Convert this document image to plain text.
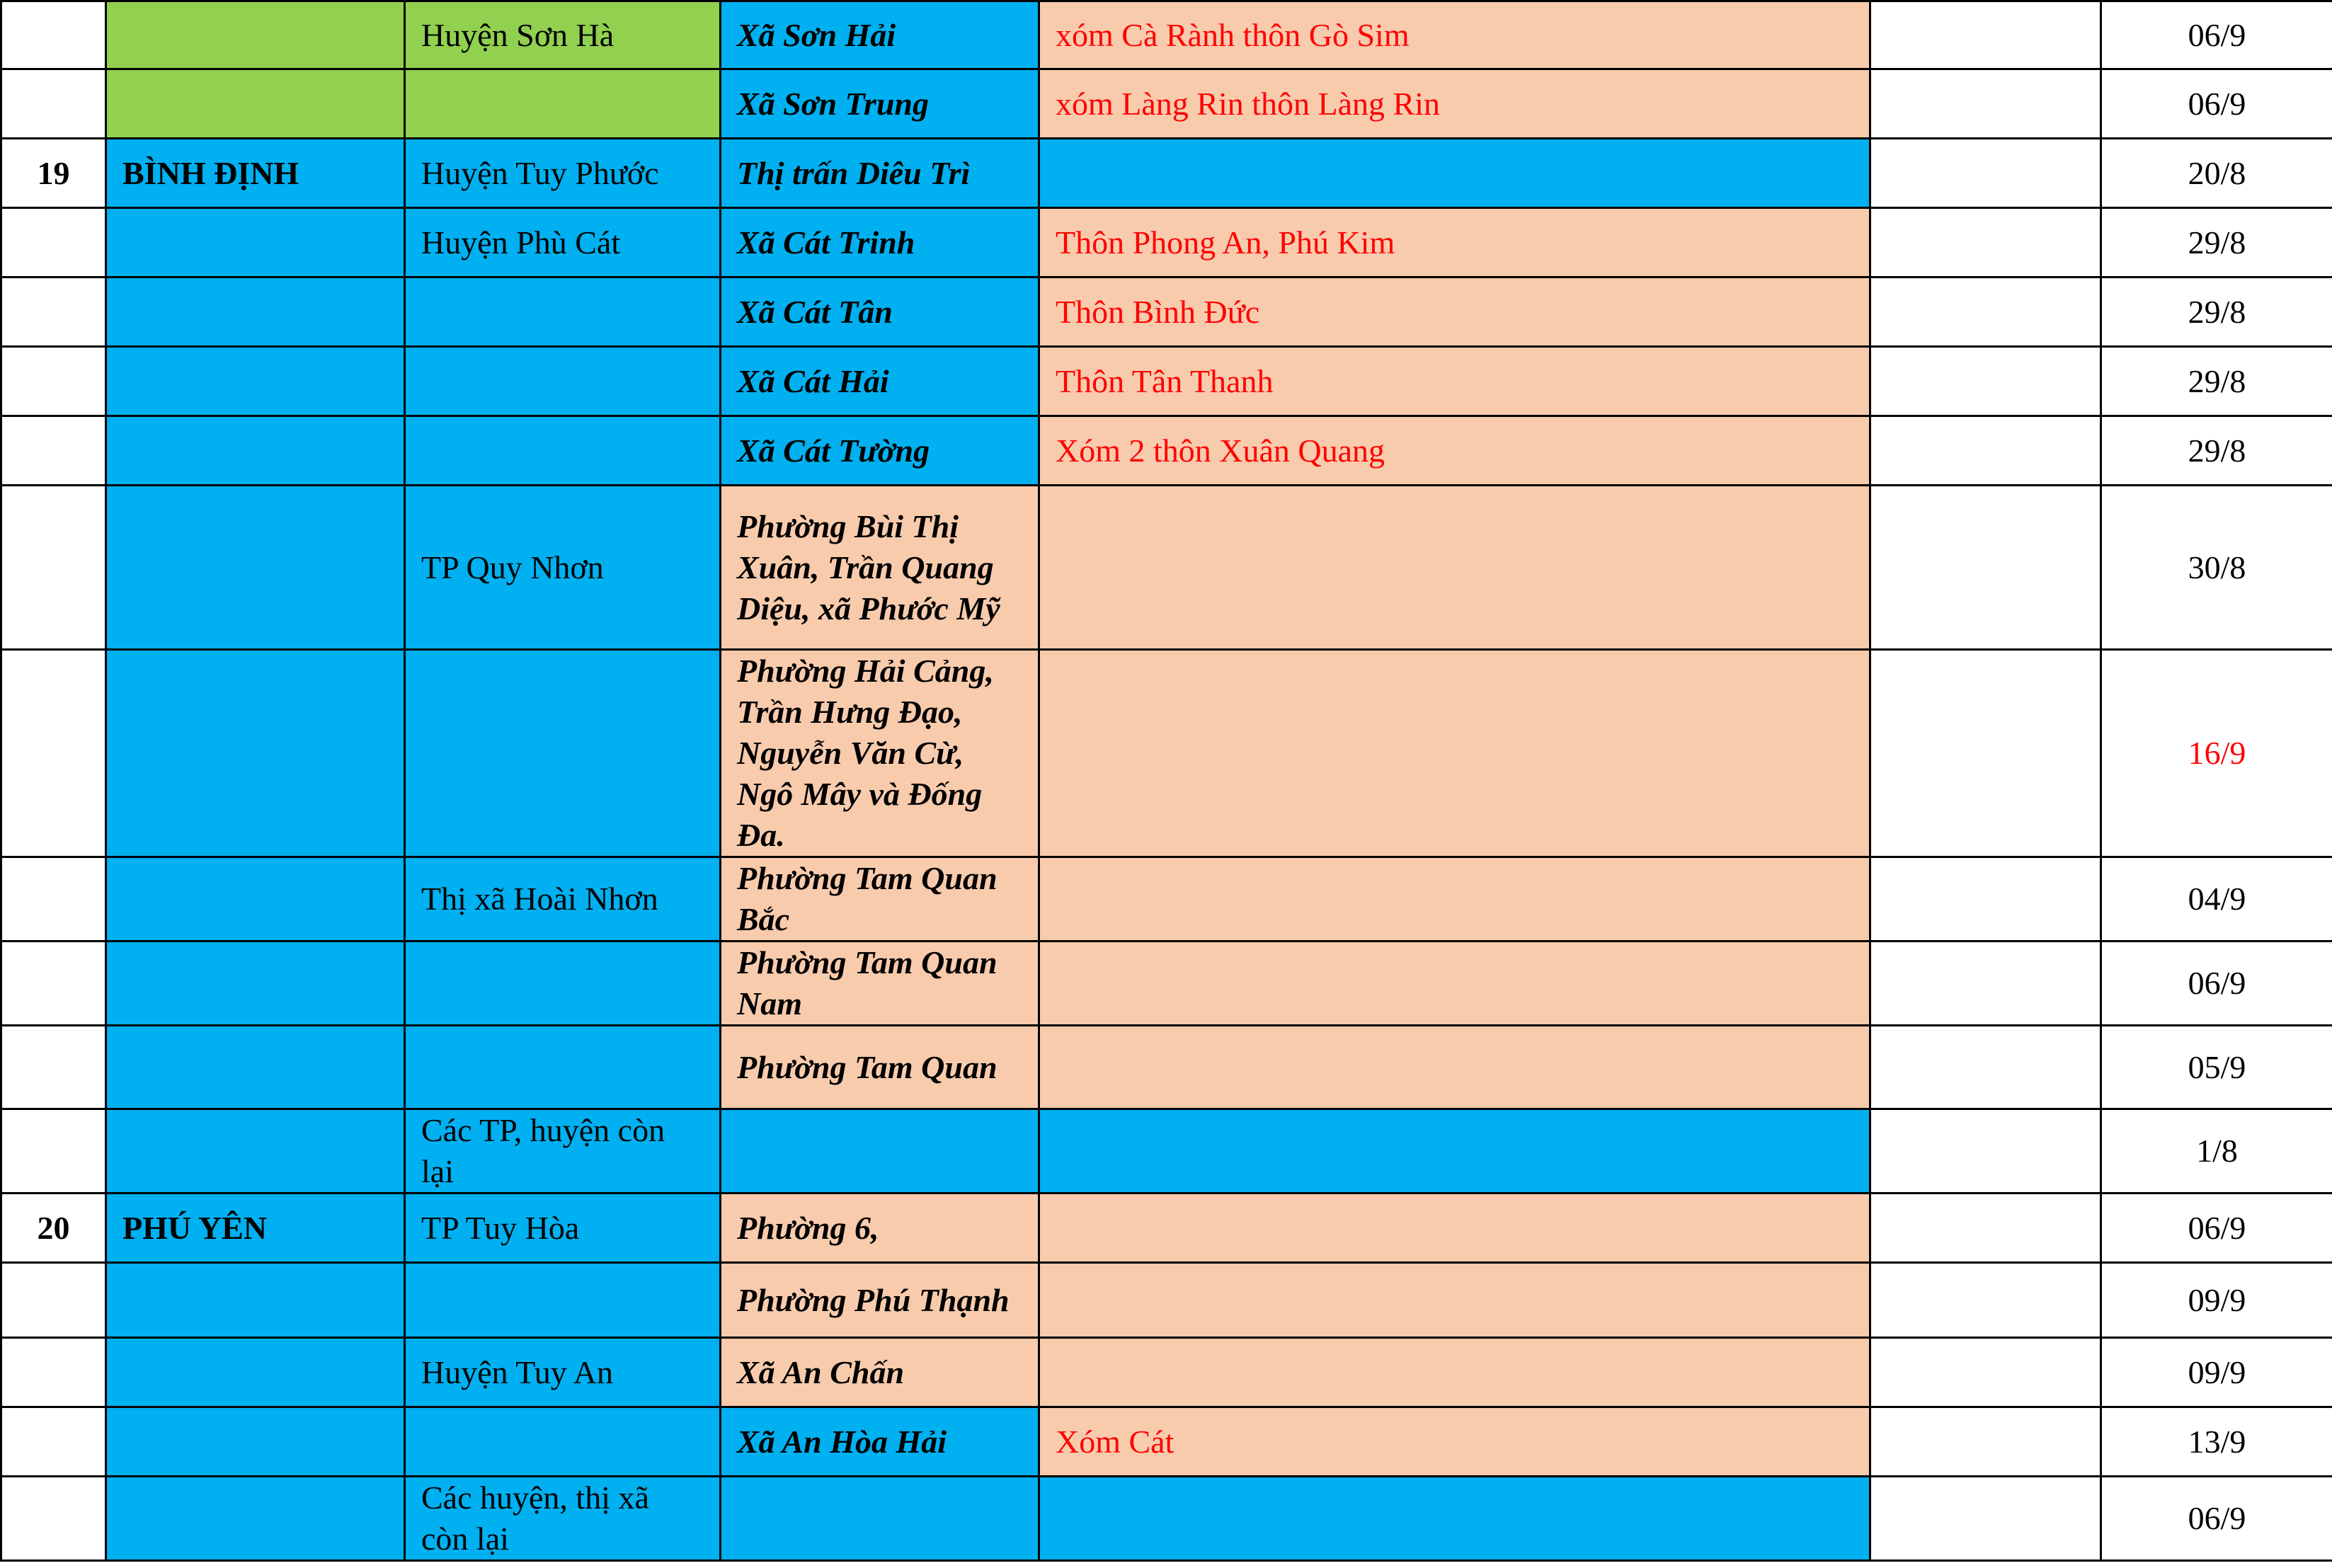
		Huyện Sơn Hà	Xã Sơn Hải	xóm Cà Rành thôn Gò Sim		06/9
			Xã Sơn Trung	xóm Làng Rin thôn Làng Rin		06/9
19	BÌNH ĐỊNH	Huyện Tuy Phước	Thị trấn Diêu Trì			20/8
		Huyện Phù Cát	Xã Cát Trinh	Thôn Phong An, Phú Kim		29/8
			Xã Cát Tân	Thôn Bình Đức		29/8
			Xã Cát Hải	Thôn Tân Thanh		29/8
			Xã Cát Tường	Xóm 2 thôn Xuân Quang		29/8
		TP Quy Nhơn	Phường Bùi Thị Xuân, Trần Quang Diệu, xã Phước Mỹ			30/8
			Phường Hải Cảng, Trần Hưng Đạo, Nguyễn Văn Cừ, Ngô Mây và Đống Đa.			16/9
		Thị xã Hoài Nhơn	Phường Tam Quan Bắc			04/9
			Phường Tam Quan Nam			06/9
			Phường Tam Quan			05/9
		Các TP, huyện còn lại				1/8
20	PHÚ YÊN	TP Tuy Hòa	Phường 6,			06/9
			Phường Phú Thạnh			09/9
		Huyện Tuy An	Xã An Chấn			09/9
			Xã An Hòa Hải	Xóm Cát		13/9
		Các huyện, thị xã còn lại				06/9
